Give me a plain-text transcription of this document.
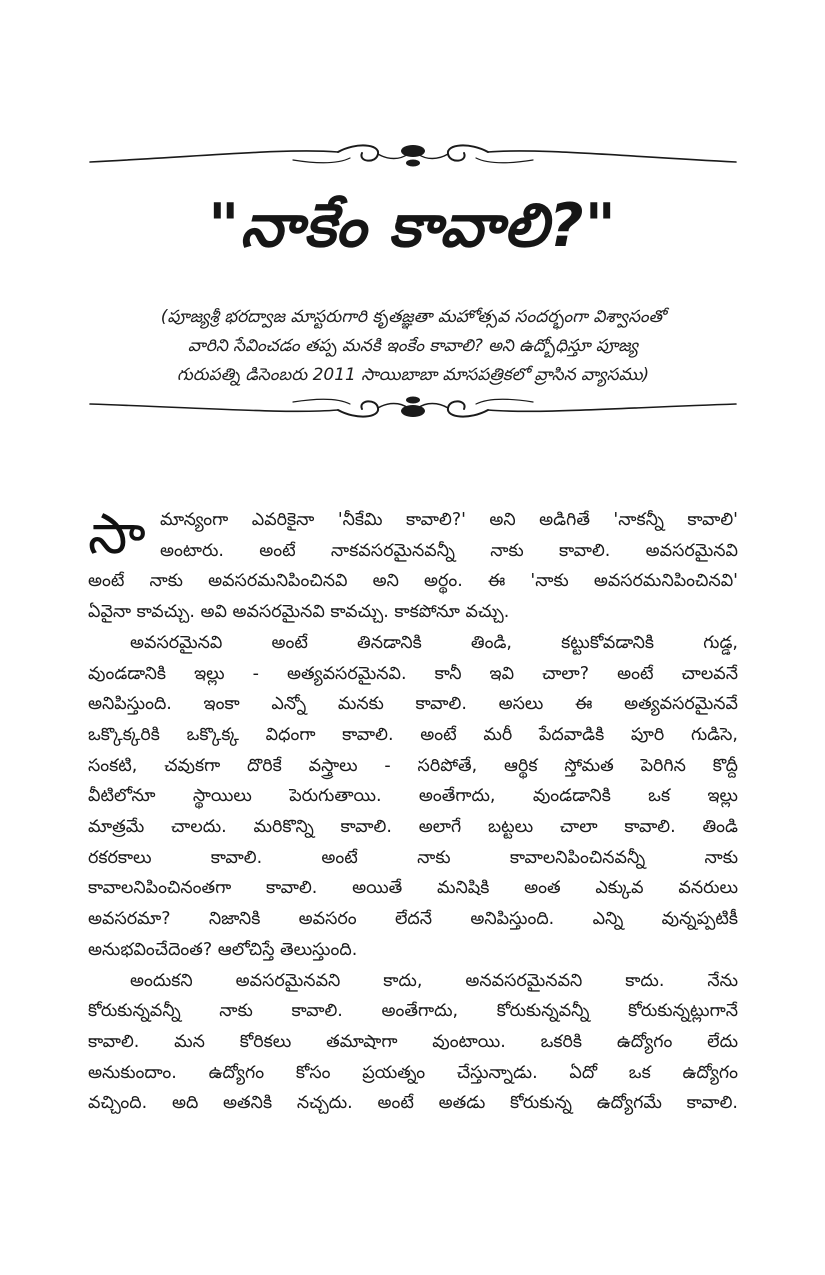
"నాకేం కావాలి?"
(పూజ్యశ్రీ భరద్వాజ మాస్టరుగారి కృతజ్ఞతా మహోత్సవ సందర్భంగా విశ్వాసంతో
వారిని సేవించడం తప్ప మనకి ఇంకేం కావాలి? అని ఉద్బోధిస్తూ పూజ్య
గురుపత్ని డిసెంబరు 2011 సాయిబాబా మాసపత్రికలో వ్రాసిన వ్యాసము)
సా మాన్యంగా ఎవరికైనా 'నీకేమి కావాలి?' అని అడిగితే 'నాకన్నీ కావాలి'
అంటారు. అంటే నాకవసరమైనవన్నీ నాకు కావాలి. అవసరమైనవి
అంటే నాకు అవసరమనిపించినవి అని అర్థం. ఈ 'నాకు అవసరమనిపించినవి'
ఏవైనా కావచ్చు. అవి అవసరమైనవి కావచ్చు. కాకపోనూ వచ్చు.
అవసరమైనవి అంటే తినడానికి తిండి, కట్టుకోవడానికి గుడ్డ,
వుండడానికి ఇల్లు - అత్యవసరమైనవి. కానీ ఇవి చాలా? అంటే చాలవనే
అనిపిస్తుంది. ఇంకా ఎన్నో మనకు కావాలి. అసలు ఈ అత్యవసరమైనవే
ఒక్కొక్కరికి ఒక్కొక్క విధంగా కావాలి. అంటే మరీ పేదవాడికి పూరి గుడిసె,
సంకటి, చవుకగా దొరికే వస్త్రాలు - సరిపోతే, ఆర్థిక స్తోమత పెరిగిన కొద్దీ
వీటిలోనూ స్థాయిలు పెరుగుతాయి. అంతేగాదు, వుండడానికి ఒక ఇల్లు
మాత్రమే చాలదు. మరికొన్ని కావాలి. అలాగే బట్టలు చాలా కావాలి. తిండి
రకరకాలు కావాలి. అంటే నాకు కావాలనిపించినవన్నీ నాకు
కావాలనిపించినంతగా కావాలి. అయితే మనిషికి అంత ఎక్కువ వనరులు
అవసరమా? నిజానికి అవసరం లేదనే అనిపిస్తుంది. ఎన్ని వున్నప్పటికీ
అనుభవించేదెంత? ఆలోచిస్తే తెలుస్తుంది.
అందుకని అవసరమైనవని కాదు, అనవసరమైనవని కాదు. నేను
కోరుకున్నవన్నీ నాకు కావాలి. అంతేగాదు, కోరుకున్నవన్నీ కోరుకున్నట్లుగానే
కావాలి. మన కోరికలు తమాషాగా వుంటాయి. ఒకరికి ఉద్యోగం లేదు
అనుకుందాం. ఉద్యోగం కోసం ప్రయత్నం చేస్తున్నాడు. ఏదో ఒక ఉద్యోగం
వచ్చింది. అది అతనికి నచ్చదు. అంటే అతడు కోరుకున్న ఉద్యోగమే కావాలి.
